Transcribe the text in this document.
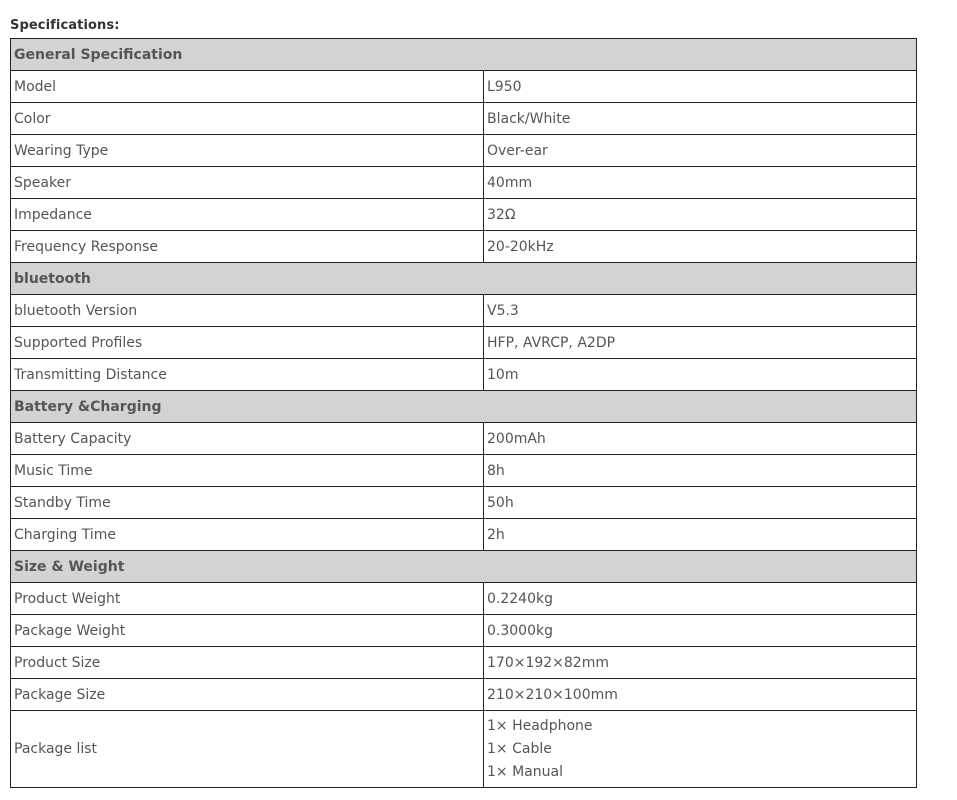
Specifications:
General Specification	
Model	L950
Color	Black/White
Wearing Type	Over-ear
Speaker	40mm
Impedance	32Ω
Frequency Response	20-20kHz
bluetooth	
bluetooth Version	V5.3
Supported Profiles	HFP, AVRCP, A2DP
Transmitting Distance	10m
Battery &Charging	
Battery Capacity	200mAh
Music Time	8h
Standby Time	50h
Charging Time	2h
Size & Weight	
Product Weight	0.2240kg
Package Weight	0.3000kg
Product Size	170×192×82mm
Package Size	210×210×100mm
Package list	1× Headphone
1× Cable
1× Manual
